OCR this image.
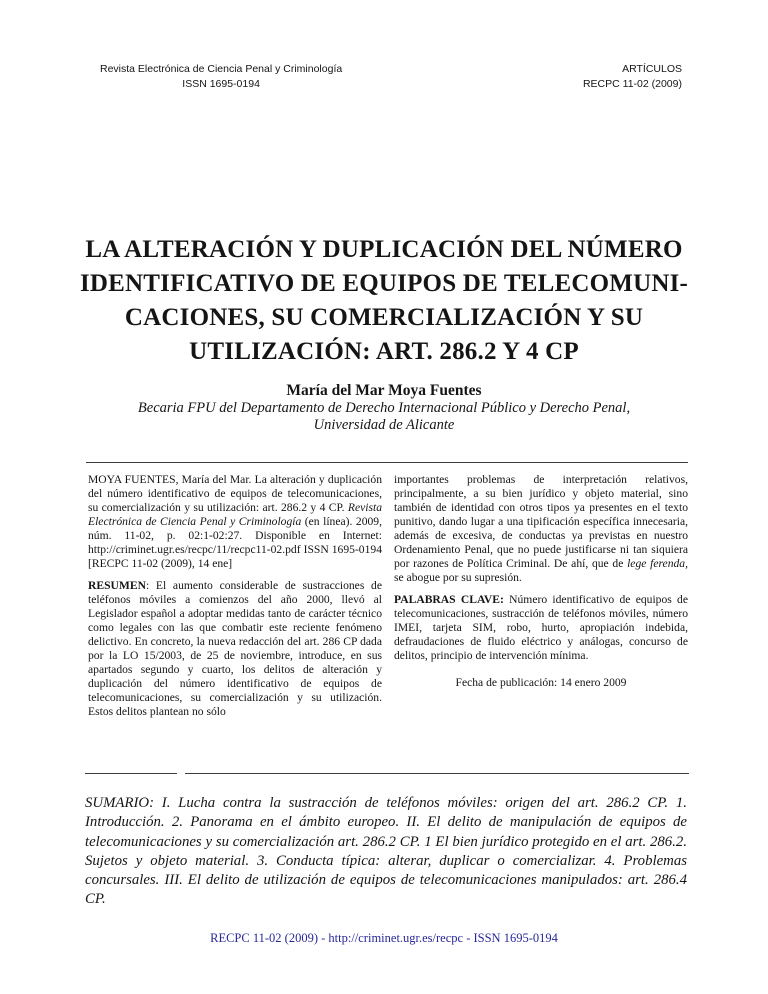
Revista Electrónica de Ciencia Penal y Criminología
ISSN 1695-0194
ARTÍCULOS
RECPC 11-02 (2009)
LA ALTERACIÓN Y DUPLICACIÓN DEL NÚMERO
IDENTIFICATIVO DE EQUIPOS DE TELECOMUNI-
CACIONES, SU COMERCIALIZACIÓN Y SU
UTILIZACIÓN: ART. 286.2 Y 4 CP
María del Mar Moya Fuentes
Becaria FPU del Departamento de Derecho Internacional Público y Derecho Penal,
Universidad de Alicante

MOYA FUENTES, María del Mar. La alteración y duplicación del número identificativo de equipos de telecomunicaciones, su comercialización y su utilización: art. 286.2 y 4 CP. Revista Electrónica de Ciencia Penal y Criminología (en línea). 2009, núm. 11-02, p. 02:1-02:27. Disponible en Internet: http://criminet.ugr.es/recpc/11/recpc11-02.pdf ISSN 1695-0194 [RECPC 11-02 (2009), 14 ene]

RESUMEN: El aumento considerable de sustracciones de teléfonos móviles a comienzos del año 2000, llevó al Legislador español a adoptar medidas tanto de carácter técnico como legales con las que combatir este reciente fenómeno delictivo. En concreto, la nueva redacción del art. 286 CP dada por la LO 15/2003, de 25 de noviembre, introduce, en sus apartados segundo y cuarto, los delitos de alteración y duplicación del número identificativo de equipos de telecomunicaciones, su comercialización y su utilización. Estos delitos plantean no sólo

importantes problemas de interpretación relativos, principalmente, a su bien jurídico y objeto material, sino también de identidad con otros tipos ya presentes en el texto punitivo, dando lugar a una tipificación específica innecesaria, además de excesiva, de conductas ya previstas en nuestro Ordenamiento Penal, que no puede justificarse ni tan siquiera por razones de Política Criminal. De ahí, que de lege ferenda, se abogue por su supresión.

PALABRAS CLAVE: Número identificativo de equipos de telecomunicaciones, sustracción de teléfonos móviles, número IMEI, tarjeta SIM, robo, hurto, apropiación indebida, defraudaciones de fluido eléctrico y análogas, concurso de delitos, principio de intervención mínima.

Fecha de publicación: 14 enero 2009
SUMARIO: I. Lucha contra la sustracción de teléfonos móviles: origen del art. 286.2 CP. 1. Introducción. 2. Panorama en el ámbito europeo. II. El delito de manipulación de equipos de telecomunicaciones y su comercialización art. 286.2 CP. 1 El bien jurídico protegido en el art. 286.2. Sujetos y objeto material. 3. Conducta típica: alterar, duplicar o comercializar. 4. Problemas concursales. III. El delito de utilización de equipos de telecomunicaciones manipulados: art. 286.4 CP.
RECPC 11-02 (2009) - http://criminet.ugr.es/recpc - ISSN 1695-0194
